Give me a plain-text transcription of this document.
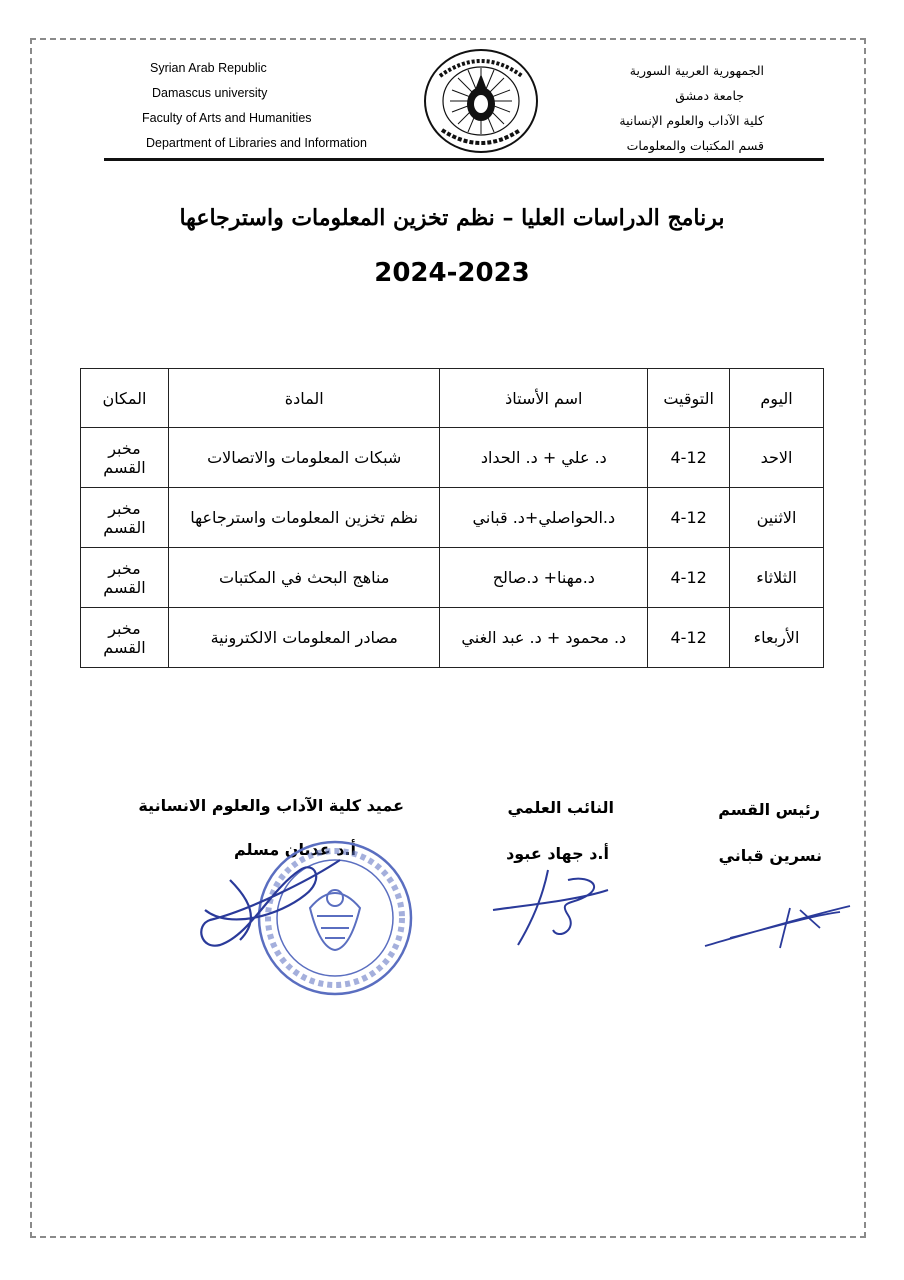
Syrian Arab Republic
Damascus university
Faculty of Arts and Humanities
Department of Libraries and Information
الجمهورية العربية السورية
جامعة دمشق
كلية الآداب والعلوم الإنسانية
قسم المكتبات والمعلومات
برنامج الدراسات العليا – نظم تخزين المعلومات واسترجاعها
2024-2023
اليوم	التوقيت	اسم الأستاذ	المادة	المكان
الاحد	4-12	د. علي + د. الحداد	شبكات المعلومات والاتصالات	مخبر القسم
الاثنين	4-12	د.الحواصلي+د. قباني	نظم تخزين المعلومات واسترجاعها	مخبر القسم
الثلاثاء	4-12	د.مهنا+ د.صالح	مناهج البحث في المكتبات	مخبر القسم
الأربعاء	4-12	د. محمود + د. عبد الغني	مصادر المعلومات الالكترونية	مخبر القسم
رئيس القسم
نسرين قباني
النائب العلمي
أ.د جهاد عبود
عميد كلية الآداب والعلوم الانسانية
أ.د عدنان مسلم
